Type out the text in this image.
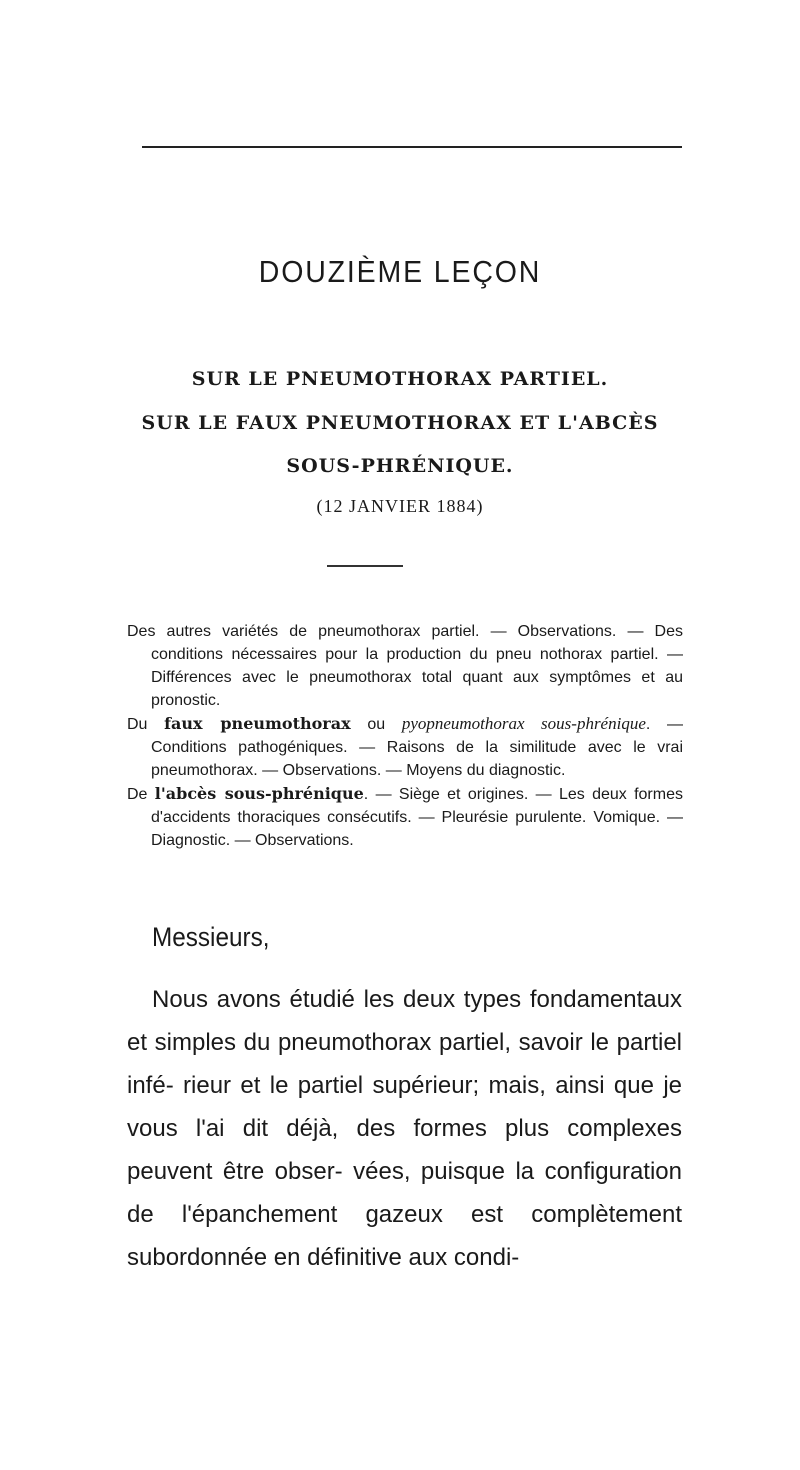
DOUZIÈME LEÇON
SUR LE PNEUMOTHORAX PARTIEL.
SUR LE FAUX PNEUMOTHORAX ET L'ABCÈS
SOUS-PHRÉNIQUE.
(12 JANVIER 1884)

Des autres variétés de pneumothorax partiel. — Observations. — Des conditions nécessaires pour la production du pneu nothorax partiel. — Différences avec le pneumothorax total quant aux symptômes et au pronostic.

Du faux pneumothorax ou pyopneumothorax sous-phrénique. — Conditions pathogéniques. — Raisons de la similitude avec le vrai pneumothorax. — Observations. — Moyens du diagnostic.

De l'abcès sous-phrénique. — Siège et origines. — Les deux formes d'accidents thoraciques consécutifs. — Pleurésie purulente. Vomique. — Diagnostic. — Observations.

Messieurs,

Nous avons étudié les deux types fondamentaux et simples du pneumothorax partiel, savoir le partiel infé- rieur et le partiel supérieur; mais, ainsi que je vous l'ai dit déjà, des formes plus complexes peuvent être obser- vées, puisque la configuration de l'épanchement gazeux est complètement subordonnée en définitive aux condi-
